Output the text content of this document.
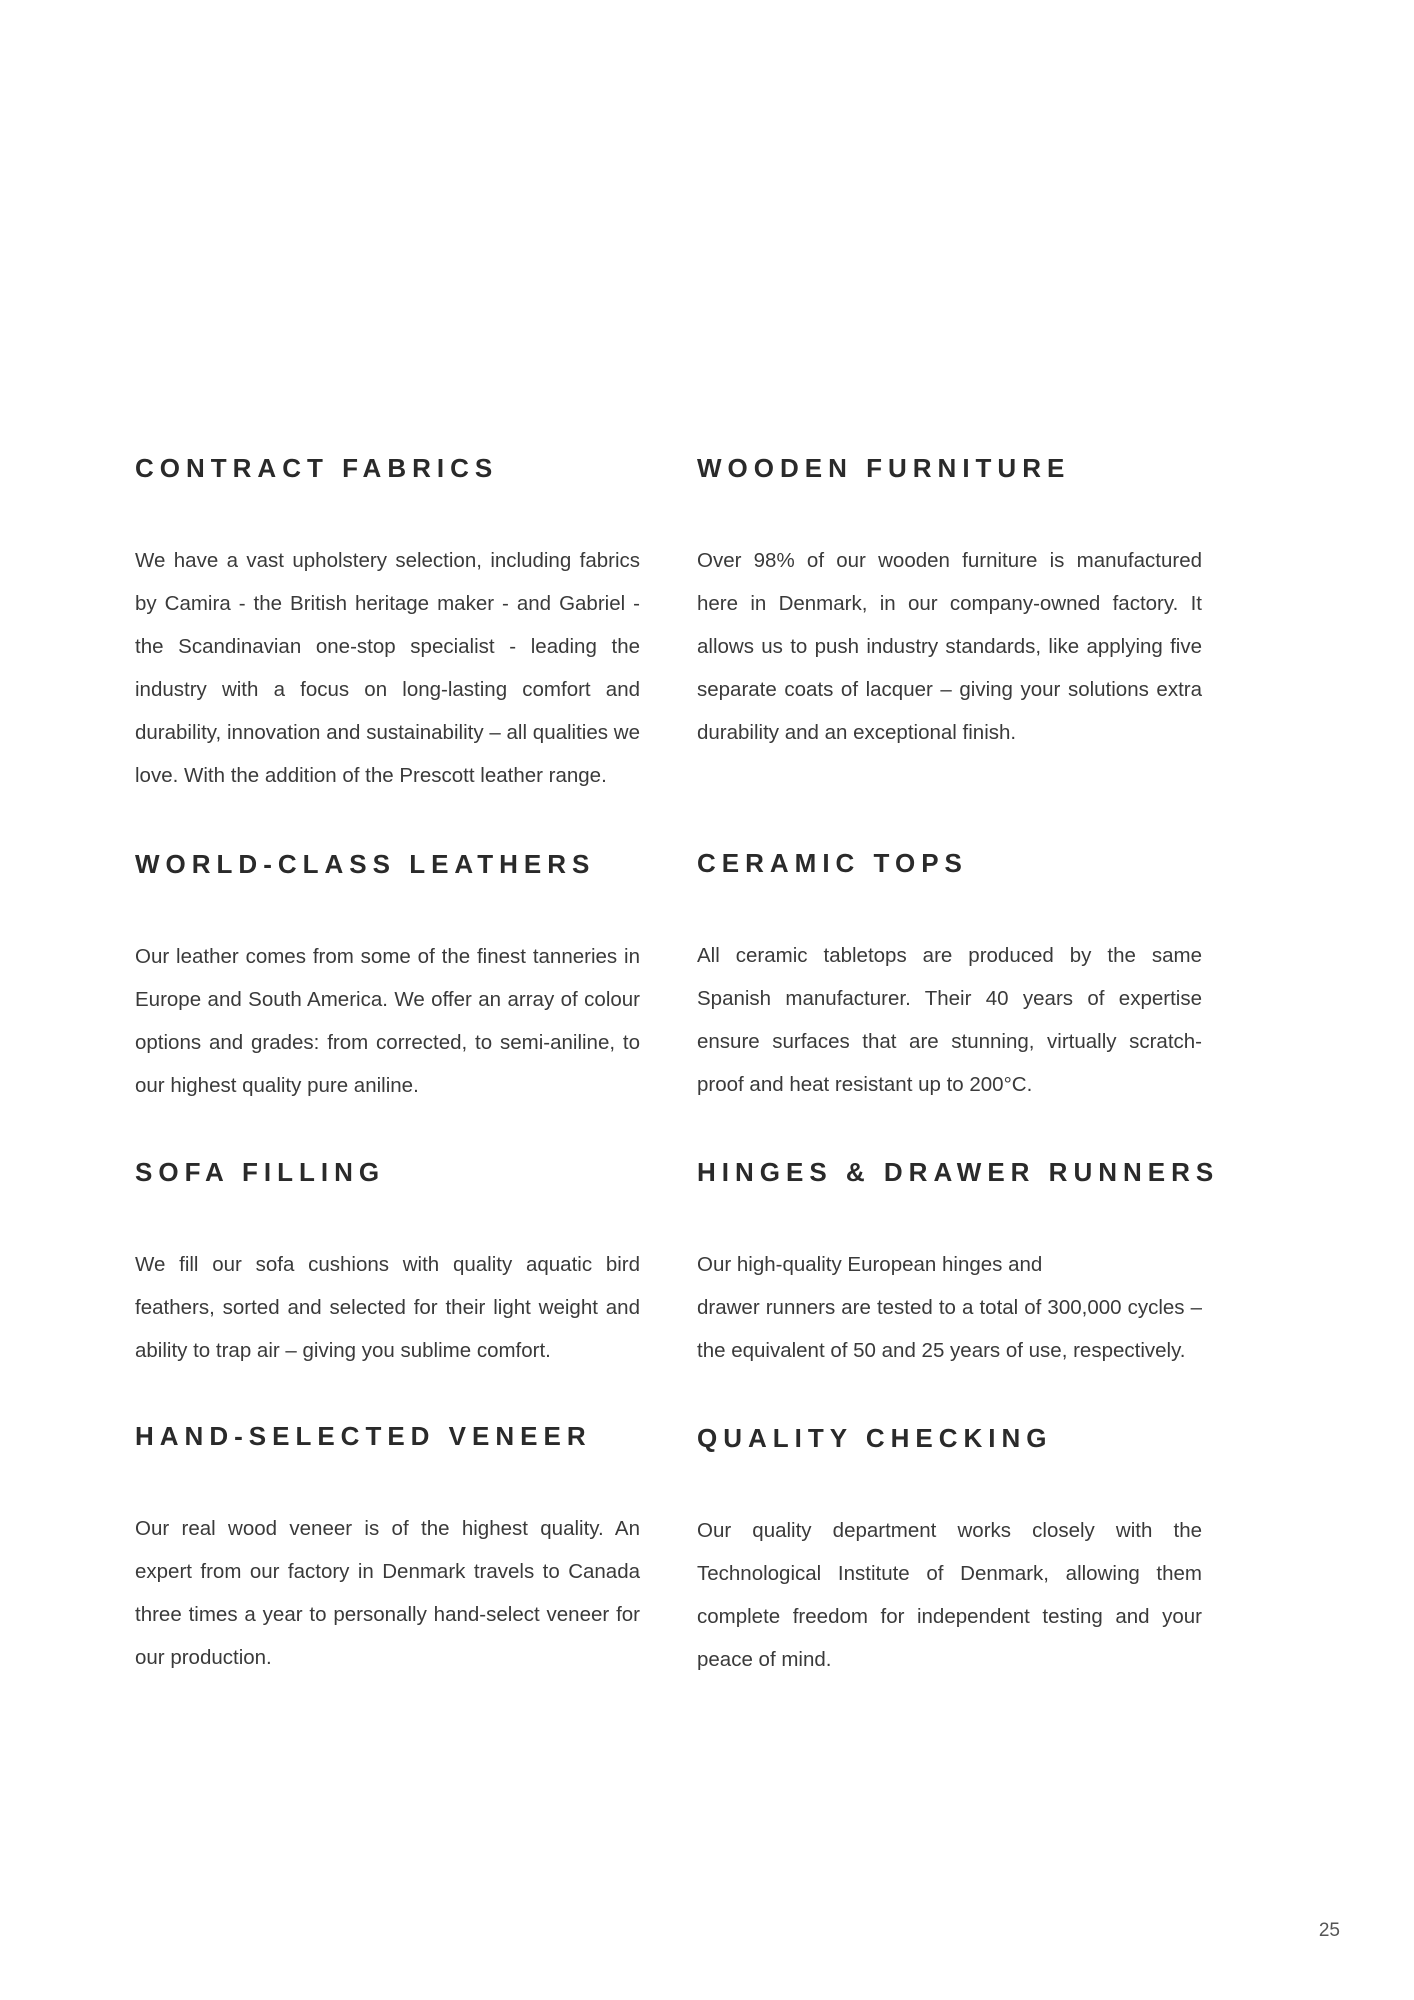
CONTRACT FABRICS

We have a vast upholstery selection, including fabrics by Camira - the British heritage maker - and Gabriel - the Scandinavian one-stop specialist - leading the industry with a focus on long-lasting comfort and durability, innovation and sustainability – all qualities we love. With the addition of the Prescott leather range.

WOODEN FURNITURE

Over 98% of our wooden furniture is manufactured here in Denmark, in our company-owned factory. It allows us to push industry standards, like applying five separate coats of lacquer – giving your solutions extra durability and an exceptional finish.

WORLD-CLASS LEATHERS

Our leather comes from some of the finest tanneries in Europe and South America. We offer an array of colour options and grades: from corrected, to semi-aniline, to our highest quality pure aniline.

CERAMIC TOPS

All ceramic tabletops are produced by the same Spanish manufacturer. Their 40 years of expertise ensure surfaces that are stunning, virtually scratch-proof and heat resistant up to 200°C.

SOFA FILLING

We fill our sofa cushions with quality aquatic bird feathers, sorted and selected for their light weight and ability to trap air – giving you sublime comfort.

HINGES & DRAWER RUNNERS

Our high-quality European hinges and
drawer runners are tested to a total of 300,000 cycles – the equivalent of 50 and 25 years of use, respectively.

HAND-SELECTED VENEER

Our real wood veneer is of the highest quality. An expert from our factory in Denmark travels to Canada three times a year to personally hand-select veneer for our production.

QUALITY CHECKING

Our quality department works closely with the Technological Institute of Denmark, allowing them complete freedom for independent testing and your peace of mind.

25
